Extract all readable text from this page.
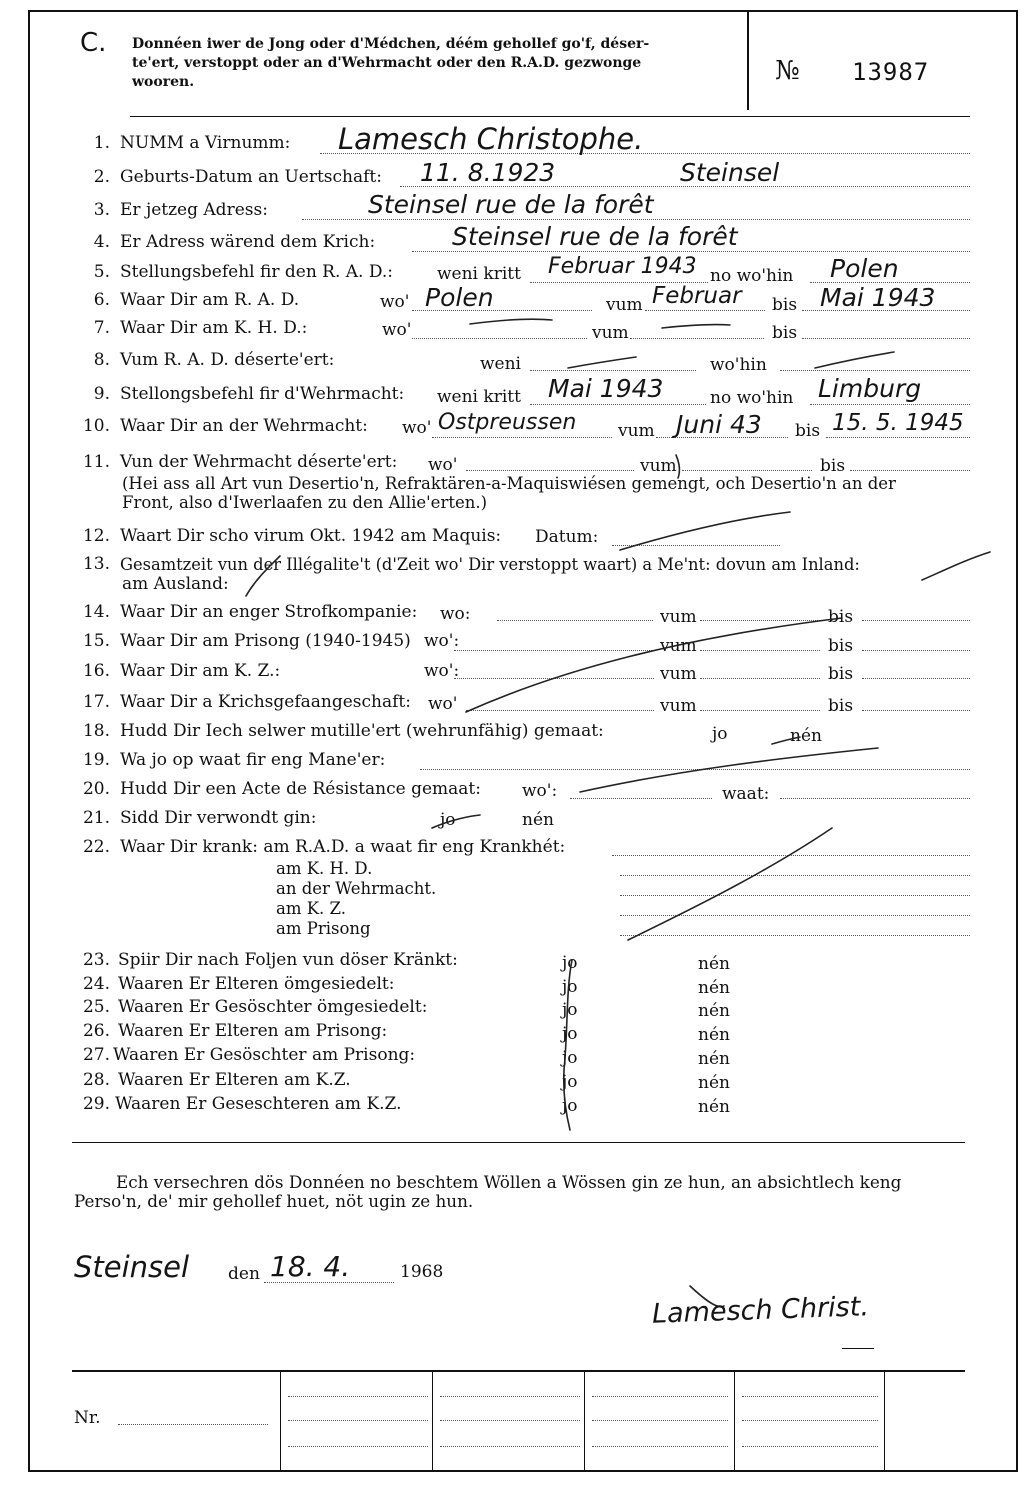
C. Donnéen iwer de Jong oder d'Médchen, déém gehollef go'f, déser-
te'ert, verstoppt oder an d'Wehrmacht oder den R.A.D. gezwonge
wooren.	№ 13987
1. NUMM a Virnumm: Lamesch Christophe.
2. Geburts-Datum an Uertschaft: 11. 8.1923	Steinsel
3. Er jetzeg Adress:	Steinsel rue de la forêt
4. Er Adress wärend dem Krich:	Steinsel rue de la forêt
5. Stellungsbefehl fir den R. A. D.:	weni kritt Februar 1943 no wo'hin Polen
6. Waar Dir am R. A. D.	wo' Polen	vum Februar bis Mai 1943
7. Waar Dir am K. H. D.:	wo'	vum	bis
8. Vum R. A. D. déserte'ert:	weni	wo'hin
9. Stellongsbefehl fir d'Wehrmacht: weni kritt Mai 1943	no wo'hin Limburg
10. Waar Dir an der Wehrmacht: wo' Ostpreussen vum Juni 43 bis 15. 5. 1945
11. Vun der Wehrmacht déserte'ert: wo'	vum	bis
(Hei ass all Art vun Desertio'n, Refraktären-a-Maquiswiésen gemengt, och Desertio'n an der
Front, also d'Iwerlaafen zu den Allie'erten.)
12. Waart Dir scho virum Okt. 1942 am Maquis: Datum:
13. Gesamtzeit vun der Illégalite't (d'Zeit wo' Dir verstoppt waart) a Me'nt: dovun am Inland:
am Ausland:
14. Waar Dir an enger Strofkompanie: wo:	vum	bis
15. Waar Dir am Prisong (1940-1945) wo':	vum	bis
16. Waar Dir am K. Z.:	wo':	vum	bis
17. Waar Dir a Krichsgefaangeschaft: wo'	vum	bis
18. Hudd Dir Iech selwer mutille'ert (wehrunfähig) gemaat:	jo	nén
19. Wa jo op waat fir eng Mane'er:
20. Hudd Dir een Acte de Résistance gemaat: wo':	waat:
21. Sidd Dir verwondt gin:	jo	nén
22. Waar Dir krank: am R.A.D. a waat fir eng Krankhét:
am K. H. D.
an der Wehrmacht.
am K. Z.
am Prisong
23. Spiir Dir nach Foljen vun döser Kränkt:	jo	nén
24. Waaren Er Elteren ömgesiedelt:	jo	nén
25. Waaren Er Gesöschter ömgesiedelt:	jo	nén
26. Waaren Er Elteren am Prisong:	jo	nén
27. Waaren Er Gesöschter am Prisong:	jo	nén
28. Waaren Er Elteren am K.Z.	jo	nén
29. Waaren Er Geseschteren am K.Z.	jo	nén
Ech versechren dös Donnéen no beschtem Wöllen a Wössen gin ze hun, an absichtlech keng
Perso'n, de' mir gehollef huet, nöt ugin ze hun.
Steinsel den 18. 4.	1968
Lamesch Christ.
Nr.
